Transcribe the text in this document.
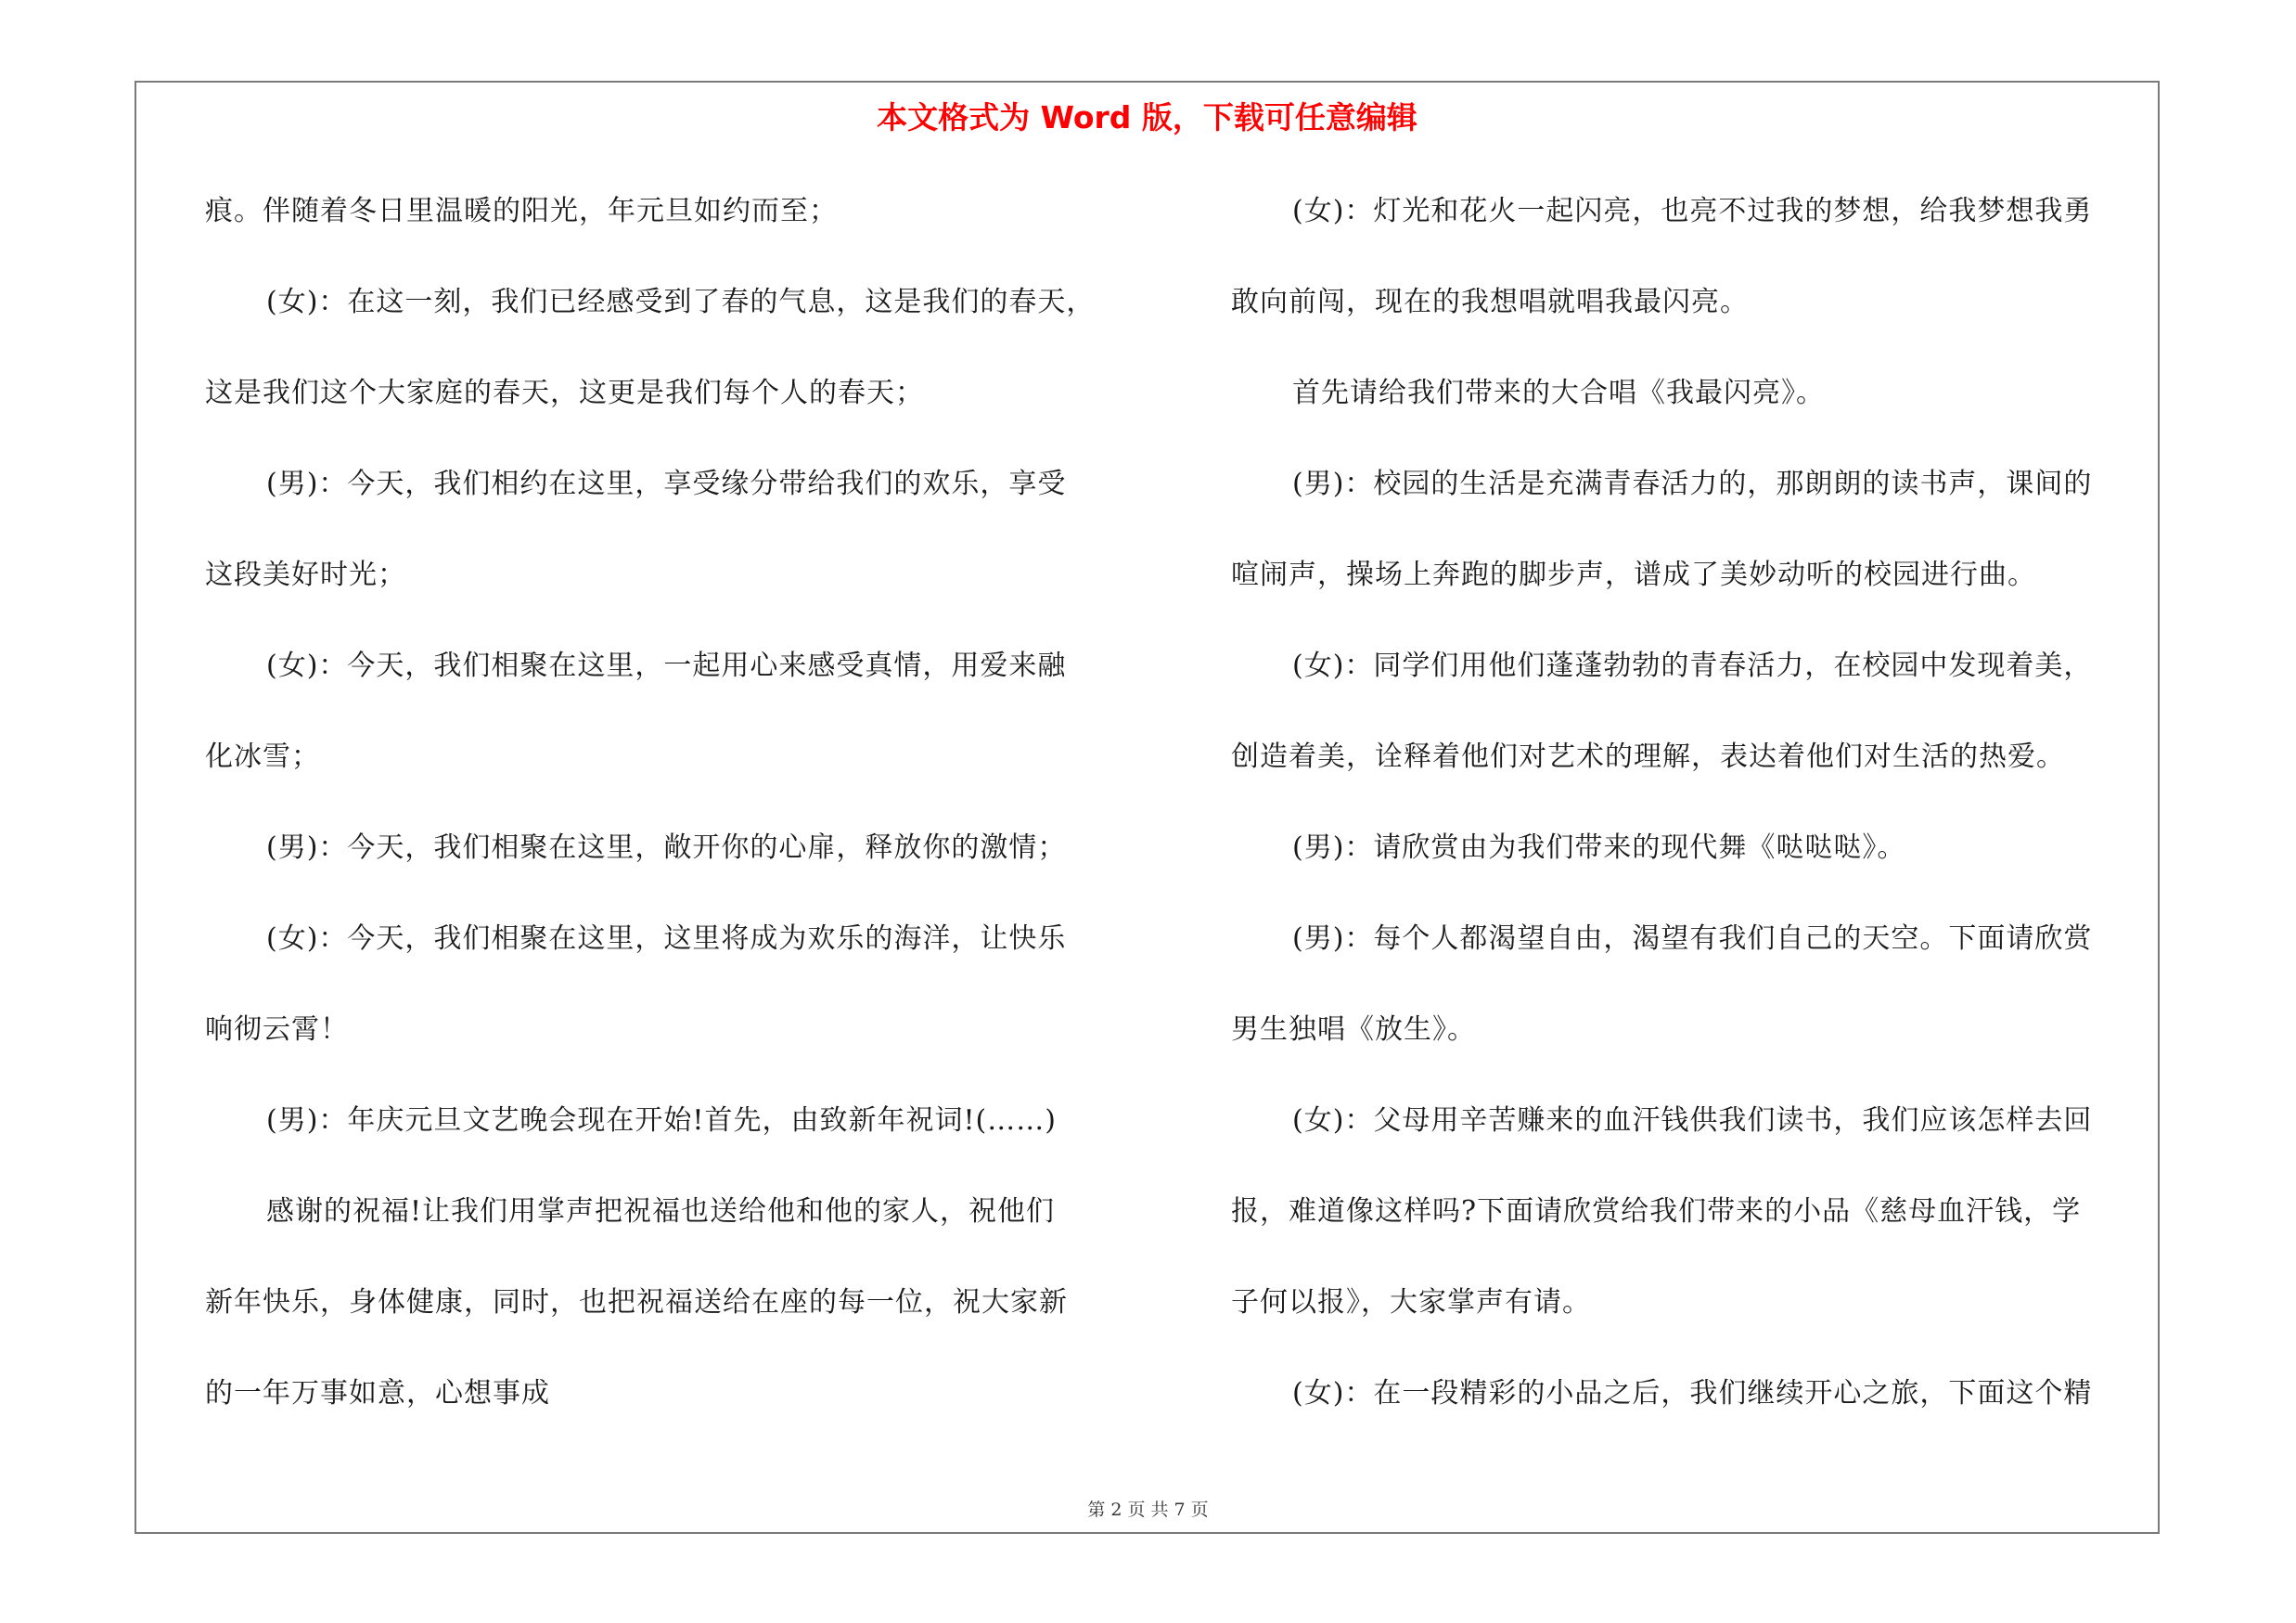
本文格式为 Word 版，下载可任意编辑
痕。伴随着冬日里温暖的阳光，年元旦如约而至；
(女)：在这一刻，我们已经感受到了春的气息，这是我们的春天，
这是我们这个大家庭的春天，这更是我们每个人的春天；
(男)：今天，我们相约在这里，享受缘分带给我们的欢乐，享受
这段美好时光；
(女)：今天，我们相聚在这里，一起用心来感受真情，用爱来融
化冰雪；
(男)：今天，我们相聚在这里，敞开你的心扉，释放你的激情；
(女)：今天，我们相聚在这里，这里将成为欢乐的海洋，让快乐
响彻云霄！
(男)：年庆元旦文艺晚会现在开始!首先，由致新年祝词!(……)
感谢的祝福!让我们用掌声把祝福也送给他和他的家人，祝他们
新年快乐，身体健康，同时，也把祝福送给在座的每一位，祝大家新
的一年万事如意，心想事成
(女)：灯光和花火一起闪亮，也亮不过我的梦想，给我梦想我勇
敢向前闯，现在的我想唱就唱我最闪亮。
首先请给我们带来的大合唱《我最闪亮》。
(男)：校园的生活是充满青春活力的，那朗朗的读书声，课间的
喧闹声，操场上奔跑的脚步声，谱成了美妙动听的校园进行曲。
(女)：同学们用他们蓬蓬勃勃的青春活力，在校园中发现着美，
创造着美，诠释着他们对艺术的理解，表达着他们对生活的热爱。
(男)：请欣赏由为我们带来的现代舞《哒哒哒》。
(男)：每个人都渴望自由，渴望有我们自己的天空。下面请欣赏
男生独唱《放生》。
(女)：父母用辛苦赚来的血汗钱供我们读书，我们应该怎样去回
报，难道像这样吗?下面请欣赏给我们带来的小品《慈母血汗钱，学
子何以报》，大家掌声有请。
(女)：在一段精彩的小品之后，我们继续开心之旅，下面这个精
第 2 页 共 7 页
